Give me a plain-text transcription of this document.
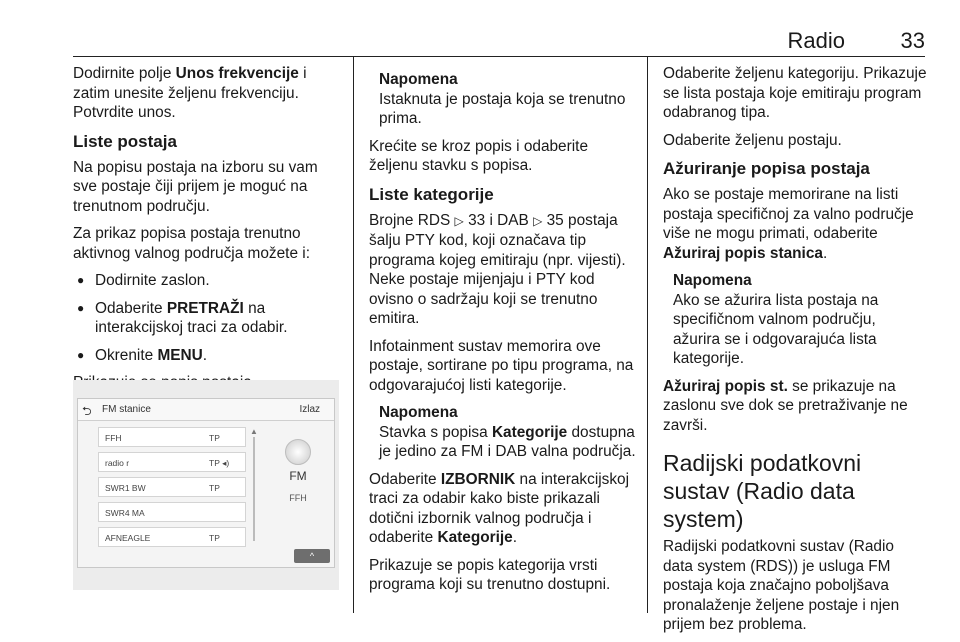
Radio	33

Dodirnite polje Unos frekvencije i zatim unesite željenu frekvenciju. Potvrdite unos.

Liste postaja

Na popisu postaja na izboru su vam sve postaje čiji prijem je moguć na trenutnom području.

Za prikaz popisa postaja trenutno aktivnog valnog područja možete i:

● Dodirnite zaslon.
● Odaberite PRETRAŽI na interakcijskoj traci za odabir.
● Okrenite MENU.

⮌ FM stanice	Izlaz
FFH	TP
radio r	TP ◂)
SWR1 BW	TP
SWR4 MA
AFNEAGLE	TP
▲
FM
FFH
^
Napomena
Istaknuta je postaja koja se trenutno prima.

Krećite se kroz popis i odaberite željenu stavku s popisa.

Liste kategorije

Brojne RDS ▷ 33 i DAB ▷ 35 postaja šalju PTY kod, koji označava tip programa kojeg emitiraju (npr. vijesti). Neke postaje mijenjaju i PTY kod ovisno o sadržaju koji se trenutno emitira.

Infotainment sustav memorira ove postaje, sortirane po tipu programa, na odgovarajućoj listi kategorije.

Napomena
Stavka s popisa Kategorije dostupna je jedino za FM i DAB valna područja.

Odaberite IZBORNIK na interakcijskoj traci za odabir kako biste prikazali dotični izbornik valnog područja i odaberite Kategorije.

Prikazuje se popis kategorija vrsti programa koji su trenutno dostupni.

Odaberite željenu kategoriju. Prikazuje se lista postaja koje emitiraju program odabranog tipa.

Odaberite željenu postaju.

Ažuriranje popisa postaja

Ako se postaje memorirane na listi postaja specifičnoj za valno područje više ne mogu primati, odaberite Ažuriraj popis stanica.

Napomena
Ako se ažurira lista postaja na specifičnom valnom području, ažurira se i odgovarajuća lista kategorije.

Ažuriraj popis st. se prikazuje na zaslonu sve dok se pretraživanje ne završi.

Radijski podatkovni sustav (Radio data system)

Radijski podatkovni sustav (Radio data system (RDS)) je usluga FM postaja koja značajno poboljšava pronalaženje željene postaje i njen prijem bez problema.
